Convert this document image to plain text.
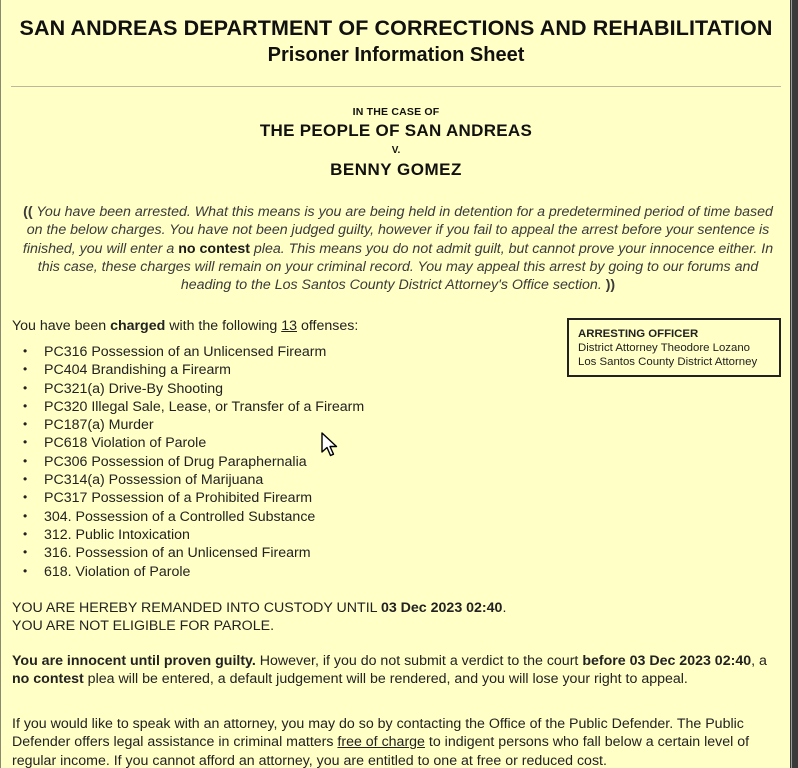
SAN ANDREAS DEPARTMENT OF CORRECTIONS AND REHABILITATION
Prisoner Information Sheet
IN THE CASE OF
THE PEOPLE OF SAN ANDREAS
V.
BENNY GOMEZ
(( You have been arrested. What this means is you are being held in detention for a predetermined period of time based on the below charges. You have not been judged guilty, however if you fail to appeal the arrest before your sentence is finished, you will enter a no contest plea. This means you do not admit guilt, but cannot prove your innocence either. In this case, these charges will remain on your criminal record. You may appeal this arrest by going to our forums and heading to the Los Santos County District Attorney's Office section. ))
You have been charged with the following 13 offenses:
• PC316 Possession of an Unlicensed Firearm
• PC404 Brandishing a Firearm
• PC321(a) Drive-By Shooting
• PC320 Illegal Sale, Lease, or Transfer of a Firearm
• PC187(a) Murder
• PC618 Violation of Parole
• PC306 Possession of Drug Paraphernalia
• PC314(a) Possession of Marijuana
• PC317 Possession of a Prohibited Firearm
• 304. Possession of a Controlled Substance
• 312. Public Intoxication
• 316. Possession of an Unlicensed Firearm
• 618. Violation of Parole
ARRESTING OFFICER
District Attorney Theodore Lozano
Los Santos County District Attorney
YOU ARE HEREBY REMANDED INTO CUSTODY UNTIL 03 Dec 2023 02:40.
YOU ARE NOT ELIGIBLE FOR PAROLE.
You are innocent until proven guilty. However, if you do not submit a verdict to the court before 03 Dec 2023 02:40, a no contest plea will be entered, a default judgement will be rendered, and you will lose your right to appeal.
If you would like to speak with an attorney, you may do so by contacting the Office of the Public Defender. The Public Defender offers legal assistance in criminal matters free of charge to indigent persons who fall below a certain level of regular income. If you cannot afford an attorney, you are entitled to one at free or reduced cost.
